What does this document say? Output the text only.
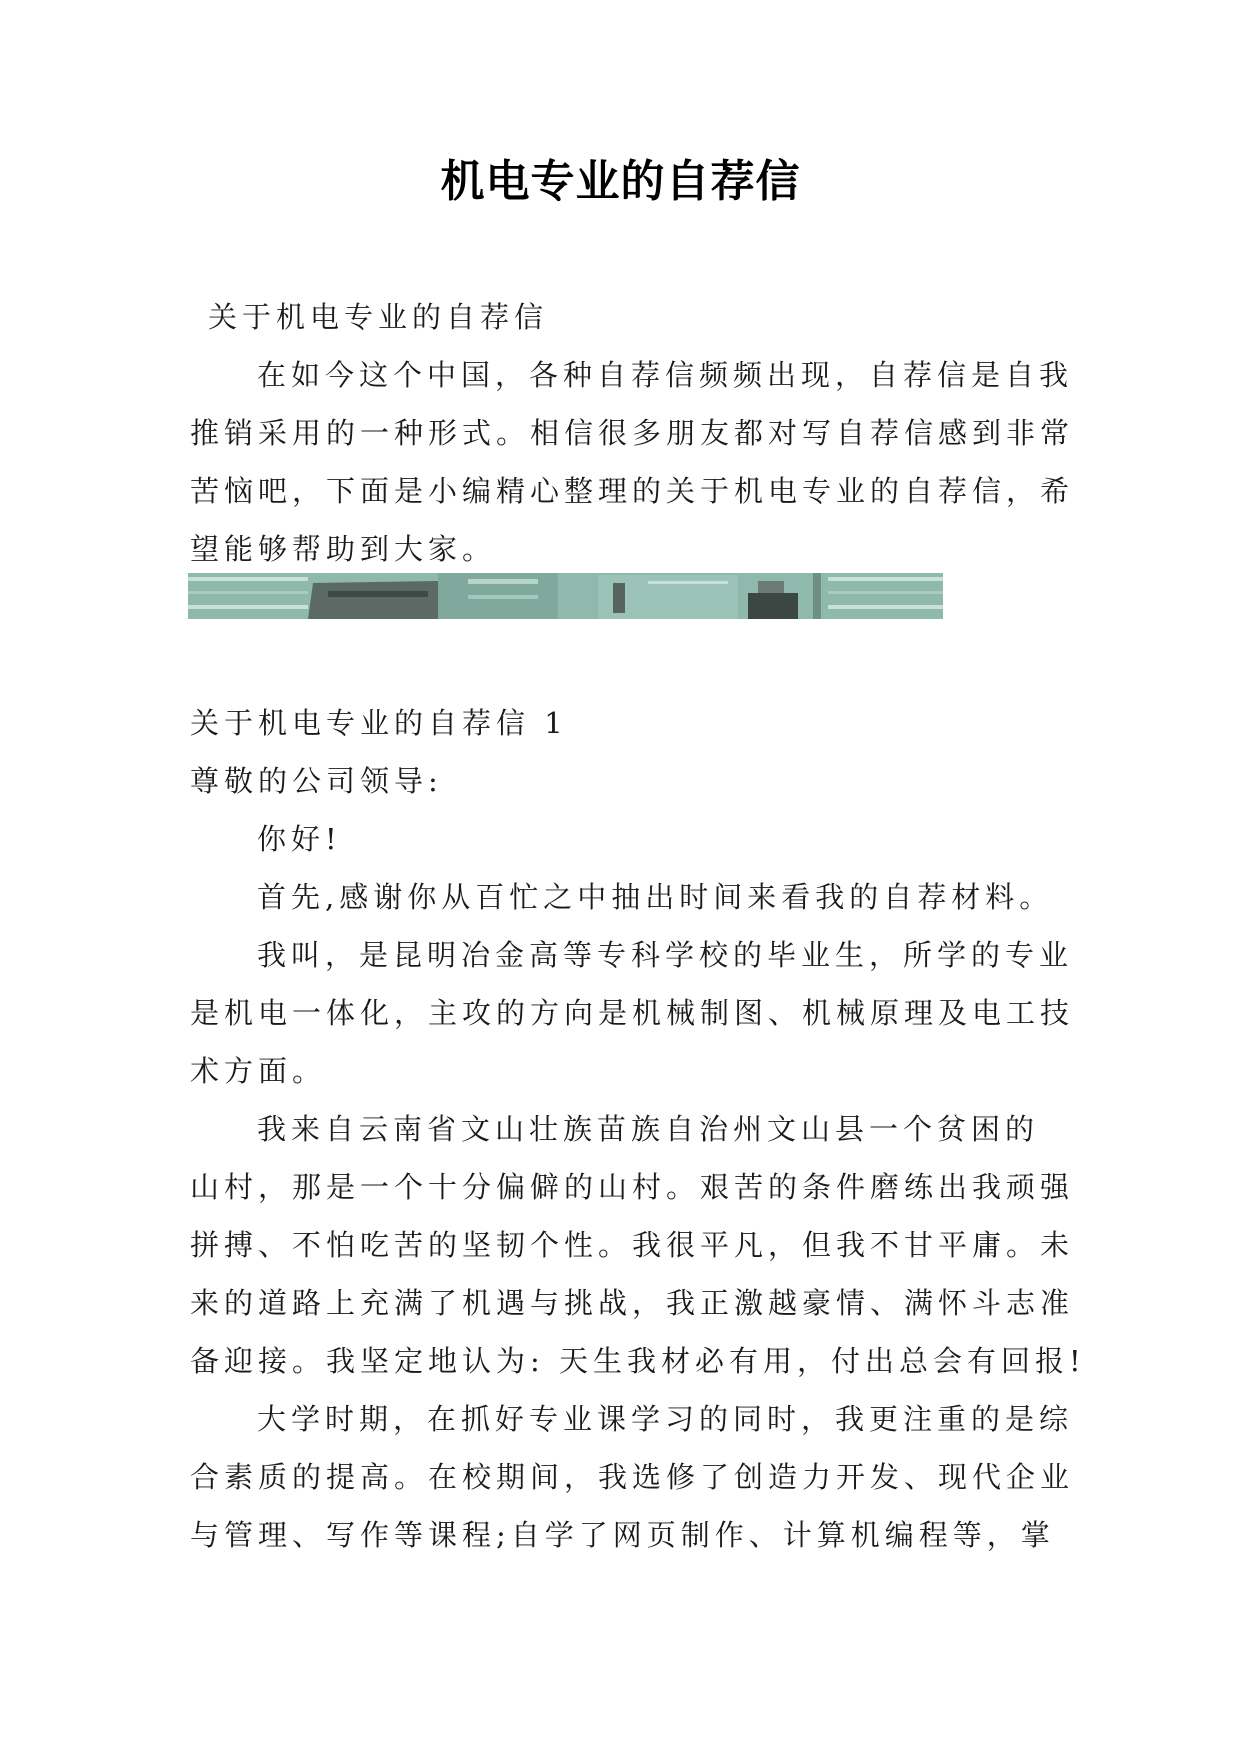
机电专业的自荐信
关于机电专业的自荐信
在如今这个中国，各种自荐信频频出现，自荐信是自我
推销采用的一种形式。相信很多朋友都对写自荐信感到非常
苦恼吧，下面是小编精心整理的关于机电专业的自荐信，希
望能够帮助到大家。
关于机电专业的自荐信 1
尊敬的公司领导:
你好!
首先,感谢你从百忙之中抽出时间来看我的自荐材料。
我叫，是昆明冶金高等专科学校的毕业生，所学的专业
是机电一体化，主攻的方向是机械制图、机械原理及电工技
术方面。
我来自云南省文山壮族苗族自治州文山县一个贫困的
山村，那是一个十分偏僻的山村。艰苦的条件磨练出我顽强
拼搏、不怕吃苦的坚韧个性。我很平凡，但我不甘平庸。未
来的道路上充满了机遇与挑战，我正激越豪情、满怀斗志准
备迎接。我坚定地认为: 天生我材必有用，付出总会有回报!
大学时期，在抓好专业课学习的同时，我更注重的是综
合素质的提高。在校期间，我选修了创造力开发、现代企业
与管理、写作等课程;自学了网页制作、计算机编程等，掌
